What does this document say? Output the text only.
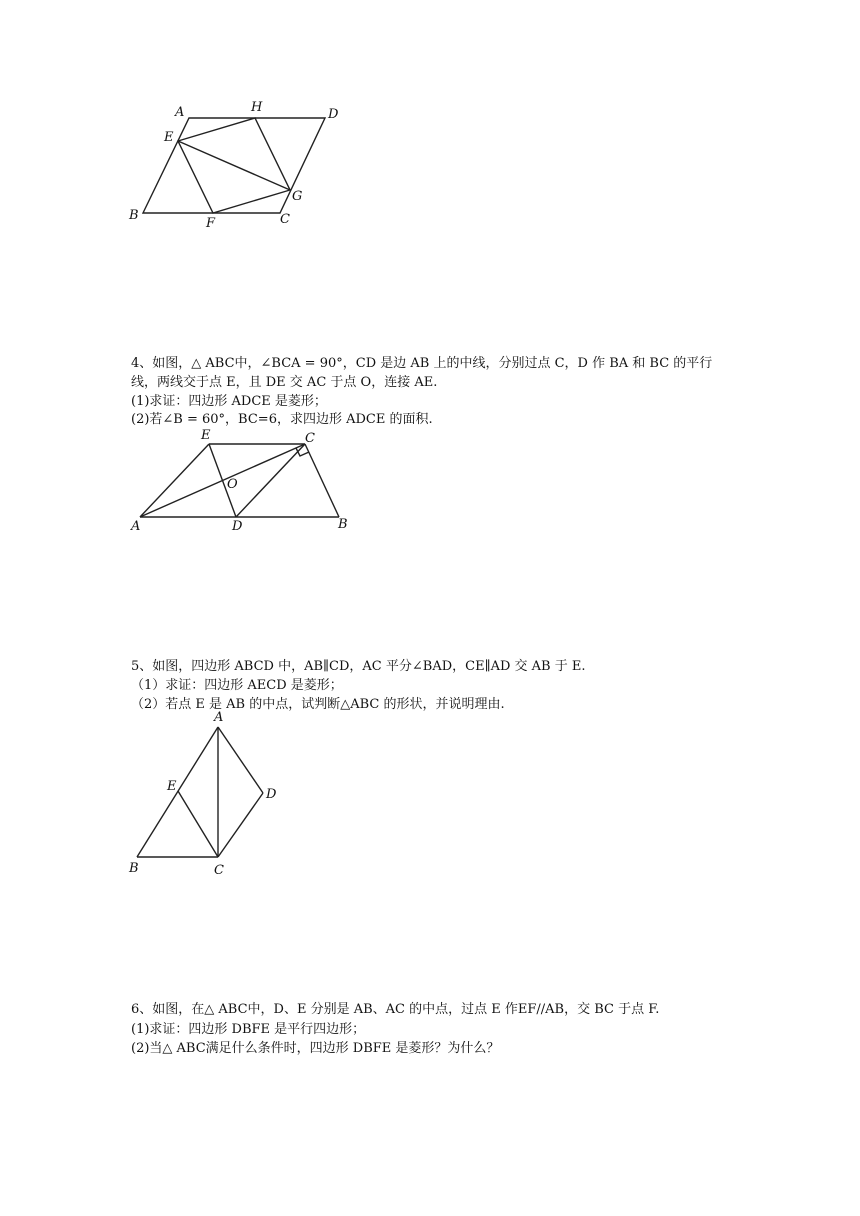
A	H	D
E
G
B
F	C
E	C
O
A	D	B
A
E
D
B	C
4、如图，△ ABC中，∠BCA = 90°，CD 是边 AB 上的中线，分别过点 C，D 作 BA 和 BC 的平行
线，两线交于点 E，且 DE 交 AC 于点 O，连接 AE.
(1)求证：四边形 ADCE 是菱形；
(2)若∠B = 60°，BC=6，求四边形 ADCE 的面积.
5、如图，四边形 ABCD 中，AB∥CD，AC 平分∠BAD，CE∥AD 交 AB 于 E.
（1）求证：四边形 AECD 是菱形；
（2）若点 E 是 AB 的中点，试判断△ABC 的形状，并说明理由.
6、如图，在△ ABC中，D、E 分别是 AB、AC 的中点，过点 E 作EF//AB，交 BC 于点 F.
(1)求证：四边形 DBFE 是平行四边形；
(2)当△ ABC满足什么条件时，四边形 DBFE 是菱形？为什么？
